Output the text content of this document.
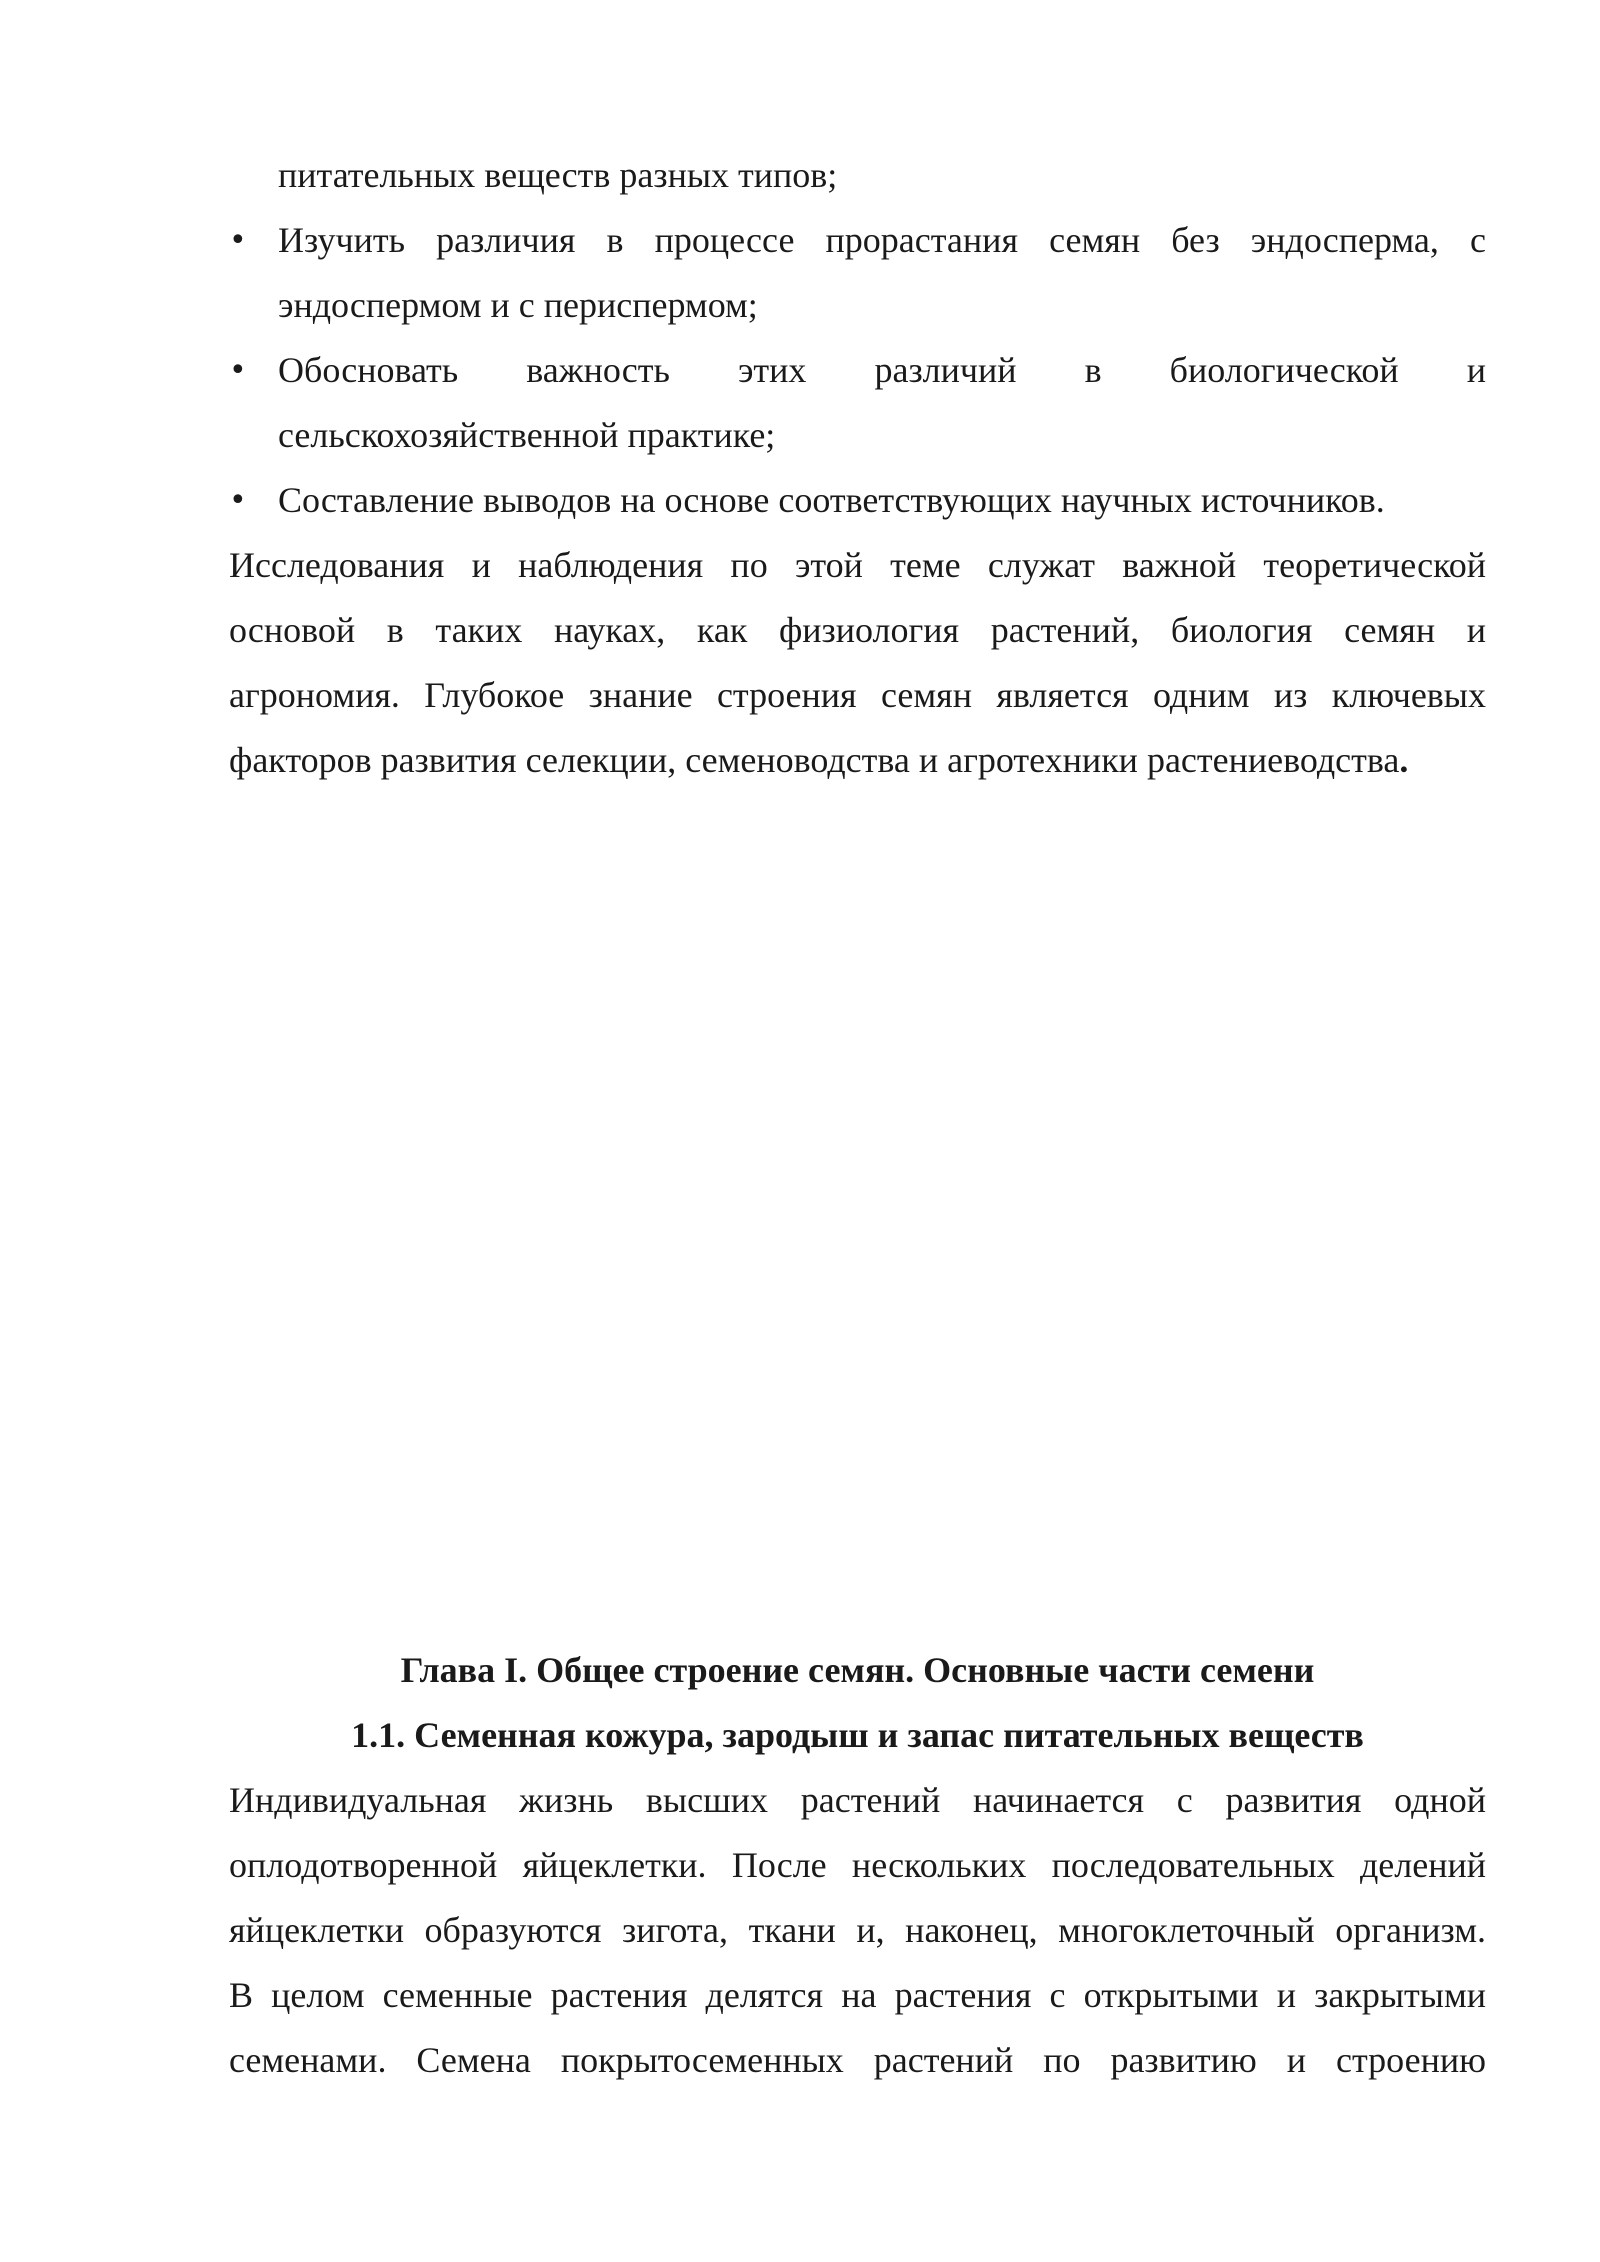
питательных веществ разных типов;
• Изучить различия в процессе прорастания семян без эндосперма, с
эндоспермом и с периспермом;
• Обосновать важность этих различий в биологической и
сельскохозяйственной практике;
• Составление выводов на основе соответствующих научных источников.
Исследования и наблюдения по этой теме служат важной теоретической
основой в таких науках, как физиология растений, биология семян и
агрономия. Глубокое знание строения семян является одним из ключевых
факторов развития селекции, семеноводства и агротехники растениеводства.
Глава I. Общее строение семян. Основные части семени
1.1. Семенная кожура, зародыш и запас питательных веществ
Индивидуальная жизнь высших растений начинается с развития одной
оплодотворенной яйцеклетки. После нескольких последовательных делений
яйцеклетки образуются зигота, ткани и, наконец, многоклеточный организм.
В целом семенные растения делятся на растения с открытыми и закрытыми
семенами. Семена покрытосеменных растений по развитию и строению
